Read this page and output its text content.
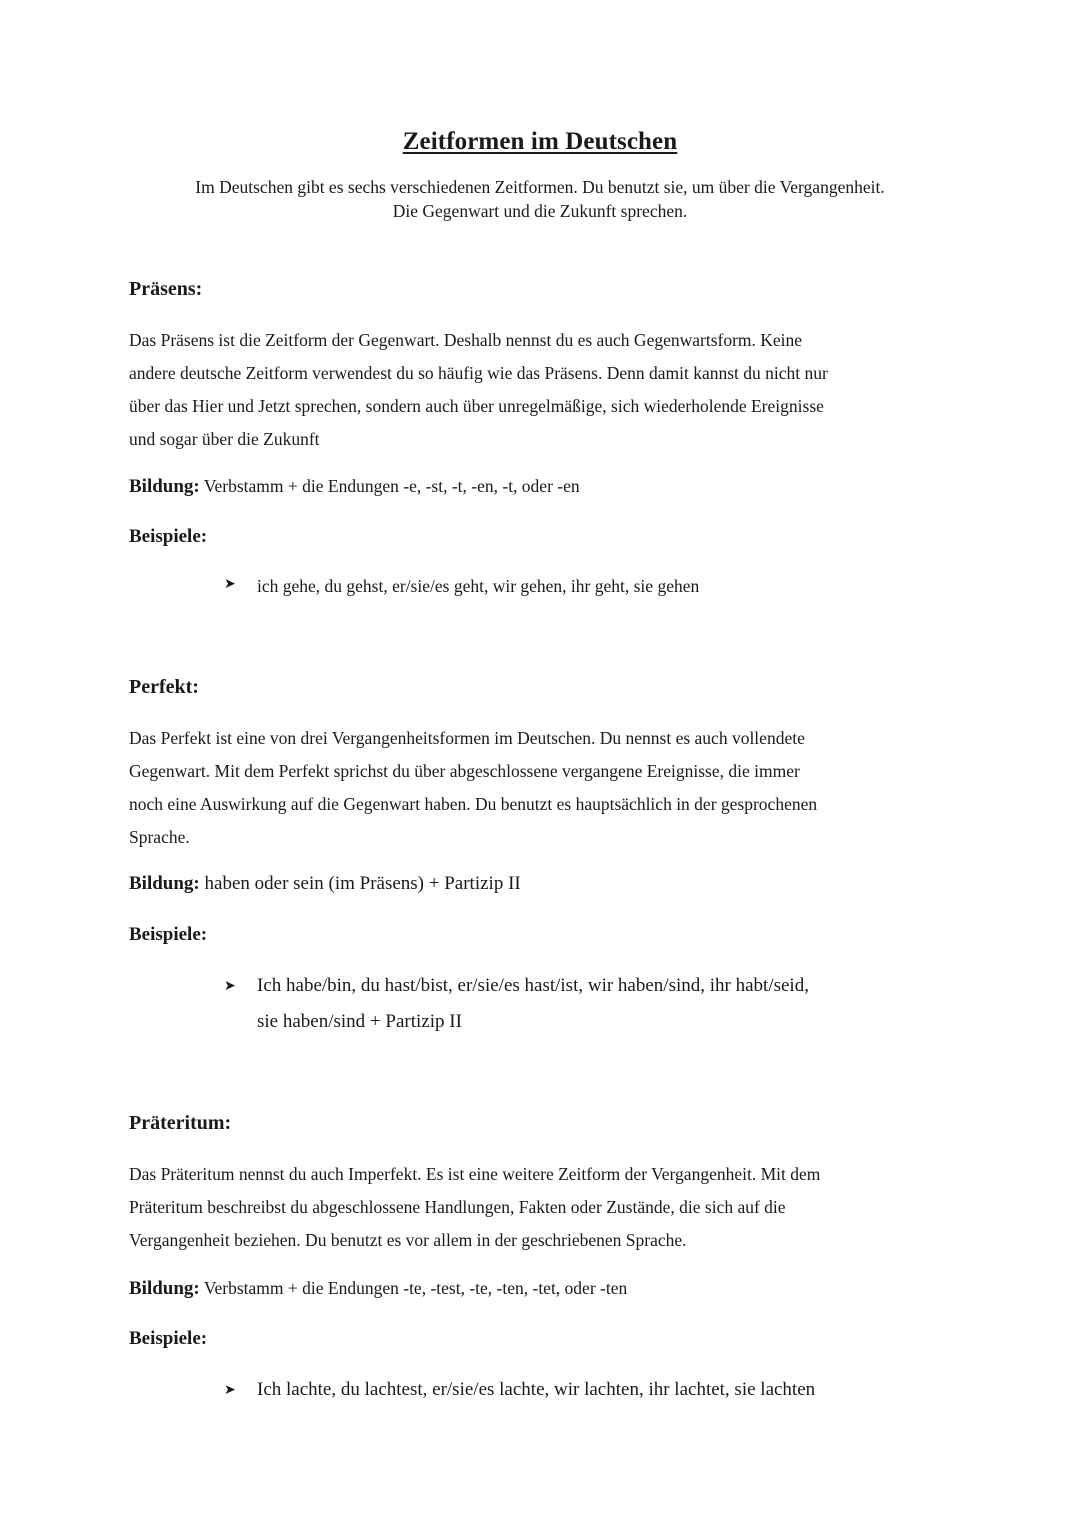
Zeitformen im Deutschen

Im Deutschen gibt es sechs verschiedenen Zeitformen. Du benutzt sie, um über die Vergangenheit.
Die Gegenwart und die Zukunft sprechen.

Präsens:

Das Präsens ist die Zeitform der Gegenwart. Deshalb nennst du es auch Gegenwartsform. Keine
andere deutsche Zeitform verwendest du so häufig wie das Präsens. Denn damit kannst du nicht nur
über das Hier und Jetzt sprechen, sondern auch über unregelmäßige, sich wiederholende Ereignisse
und sogar über die Zukunft

Bildung: Verbstamm + die Endungen -e, -st, -t, -en, -t, oder -en

Beispiele:

➤	ich gehe, du gehst, er/sie/es geht, wir gehen, ihr geht, sie gehen
Perfekt:

Das Perfekt ist eine von drei Vergangenheitsformen im Deutschen. Du nennst es auch vollendete
Gegenwart. Mit dem Perfekt sprichst du über abgeschlossene vergangene Ereignisse, die immer
noch eine Auswirkung auf die Gegenwart haben. Du benutzt es hauptsächlich in der gesprochenen
Sprache.

Bildung: haben oder sein (im Präsens) + Partizip II

Beispiele:

➤	Ich habe/bin, du hast/bist, er/sie/es hast/ist, wir haben/sind, ihr habt/seid,
sie haben/sind + Partizip II
Präteritum:

Das Präteritum nennst du auch Imperfekt. Es ist eine weitere Zeitform der Vergangenheit. Mit dem
Präteritum beschreibst du abgeschlossene Handlungen, Fakten oder Zustände, die sich auf die
Vergangenheit beziehen. Du benutzt es vor allem in der geschriebenen Sprache.

Bildung: Verbstamm + die Endungen -te, -test, -te, -ten, -tet, oder -ten

Beispiele:

➤	Ich lachte, du lachtest, er/sie/es lachte, wir lachten, ihr lachtet, sie lachten
